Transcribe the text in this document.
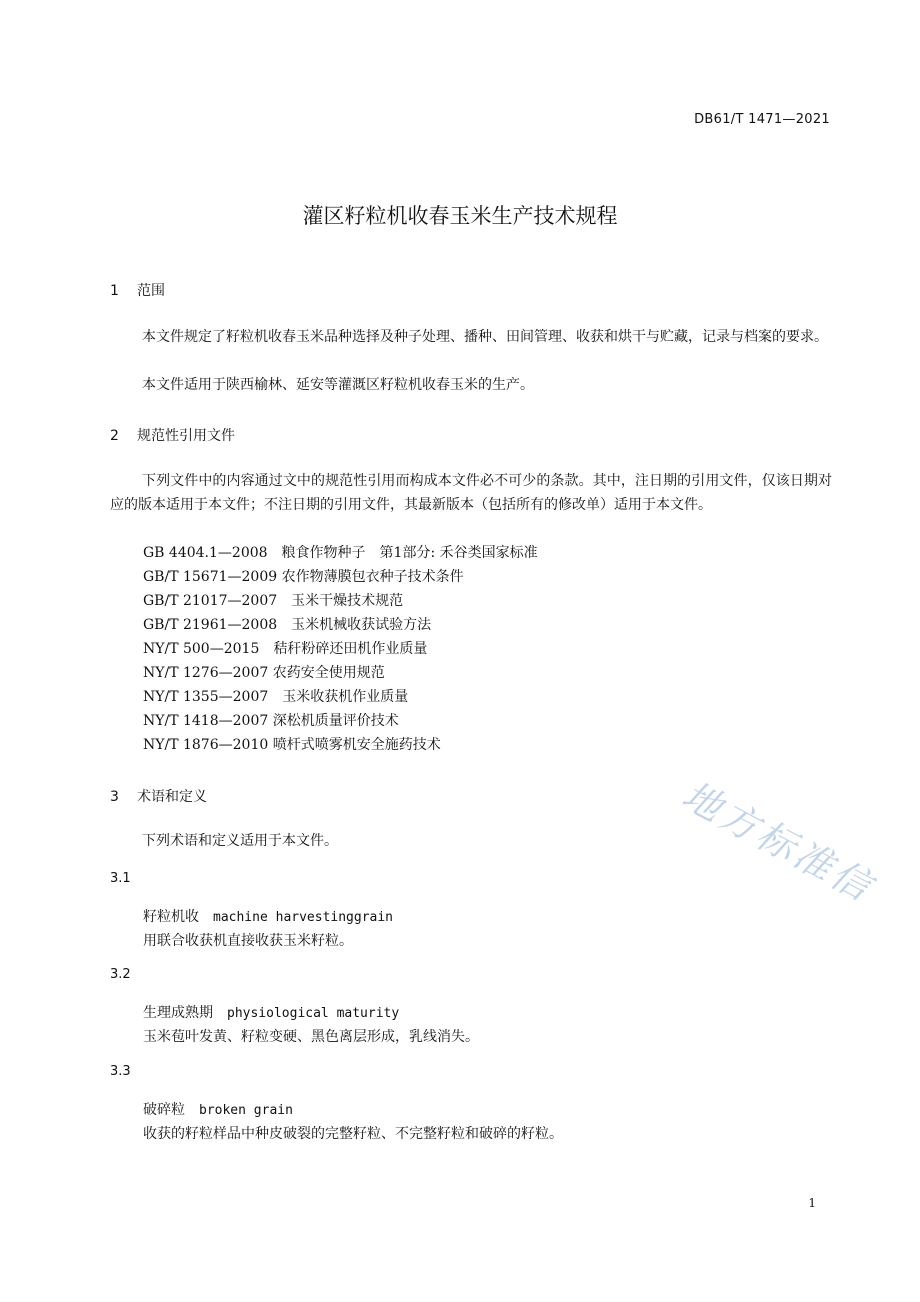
地方标准信
DB61/T 1471—2021
灌区籽粒机收春玉米生产技术规程
1 范围
本文件规定了籽粒机收春玉米品种选择及种子处理、播种、田间管理、收获和烘干与贮藏，记录与档案的要求。
本文件适用于陕西榆林、延安等灌溉区籽粒机收春玉米的生产。
2 规范性引用文件
下列文件中的内容通过文中的规范性引用而构成本文件必不可少的条款。其中，注日期的引用文件，仅该日期对应的版本适用于本文件；不注日期的引用文件，其最新版本（包括所有的修改单）适用于本文件。
GB 4404.1—2008　粮食作物种子　第1部分: 禾谷类国家标准
GB/T 15671—2009 农作物薄膜包衣种子技术条件
GB/T 21017—2007　玉米干燥技术规范
GB/T 21961—2008　玉米机械收获试验方法
NY/T 500—2015　秸秆粉碎还田机作业质量
NY/T 1276—2007 农药安全使用规范
NY/T 1355—2007　玉米收获机作业质量
NY/T 1418—2007 深松机质量评价技术
NY/T 1876—2010 喷杆式喷雾机安全施药技术
3 术语和定义
下列术语和定义适用于本文件。
3.1
籽粒机收 machine harvestinggrain
用联合收获机直接收获玉米籽粒。
3.2
生理成熟期 physiological maturity
玉米苞叶发黄、籽粒变硬、黑色离层形成，乳线消失。
3.3
破碎粒 broken grain
收获的籽粒样品中种皮破裂的完整籽粒、不完整籽粒和破碎的籽粒。
1
